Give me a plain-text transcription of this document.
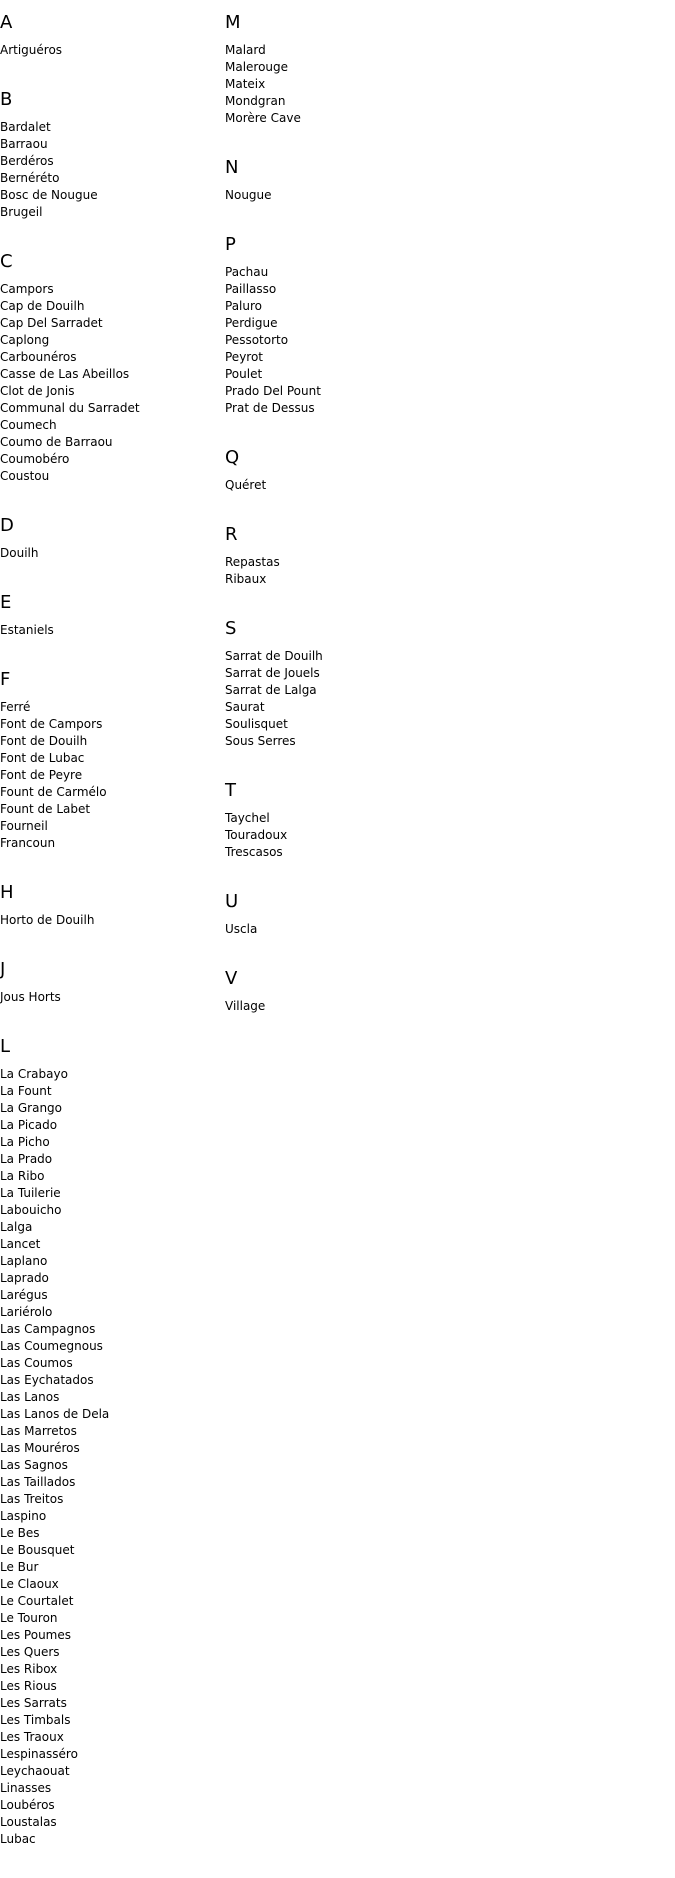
A
Artiguéros
B
Bardalet
Barraou
Berdéros
Bernéréto
Bosc de Nougue
Brugeil
C
Campors
Cap de Douilh
Cap Del Sarradet
Caplong
Carbounéros
Casse de Las Abeillos
Clot de Jonis
Communal du Sarradet
Coumech
Coumo de Barraou
Coumobéro
Coustou
D
Douilh
E
Estaniels
F
Ferré
Font de Campors
Font de Douilh
Font de Lubac
Font de Peyre
Fount de Carmélo
Fount de Labet
Fourneil
Francoun
H
Horto de Douilh
J
Jous Horts
L
La Crabayo
La Fount
La Grango
La Picado
La Picho
La Prado
La Ribo
La Tuilerie
Labouicho
Lalga
Lancet
Laplano
Laprado
Larégus
Lariérolo
Las Campagnos
Las Coumegnous
Las Coumos
Las Eychatados
Las Lanos
Las Lanos de Dela
Las Marretos
Las Mouréros
Las Sagnos
Las Taillados
Las Treitos
Laspino
Le Bes
Le Bousquet
Le Bur
Le Claoux
Le Courtalet
Le Touron
Les Poumes
Les Quers
Les Ribox
Les Rious
Les Sarrats
Les Timbals
Les Traoux
Lespinasséro
Leychaouat
Linasses
Loubéros
Loustalas
Lubac
M
Malard
Malerouge
Mateix
Mondgran
Morère Cave
N
Nougue
P
Pachau
Paillasso
Paluro
Perdigue
Pessotorto
Peyrot
Poulet
Prado Del Pount
Prat de Dessus
Q
Quéret
R
Repastas
Ribaux
S
Sarrat de Douilh
Sarrat de Jouels
Sarrat de Lalga
Saurat
Soulisquet
Sous Serres
T
Taychel
Touradoux
Trescasos
U
Uscla
V
Village
